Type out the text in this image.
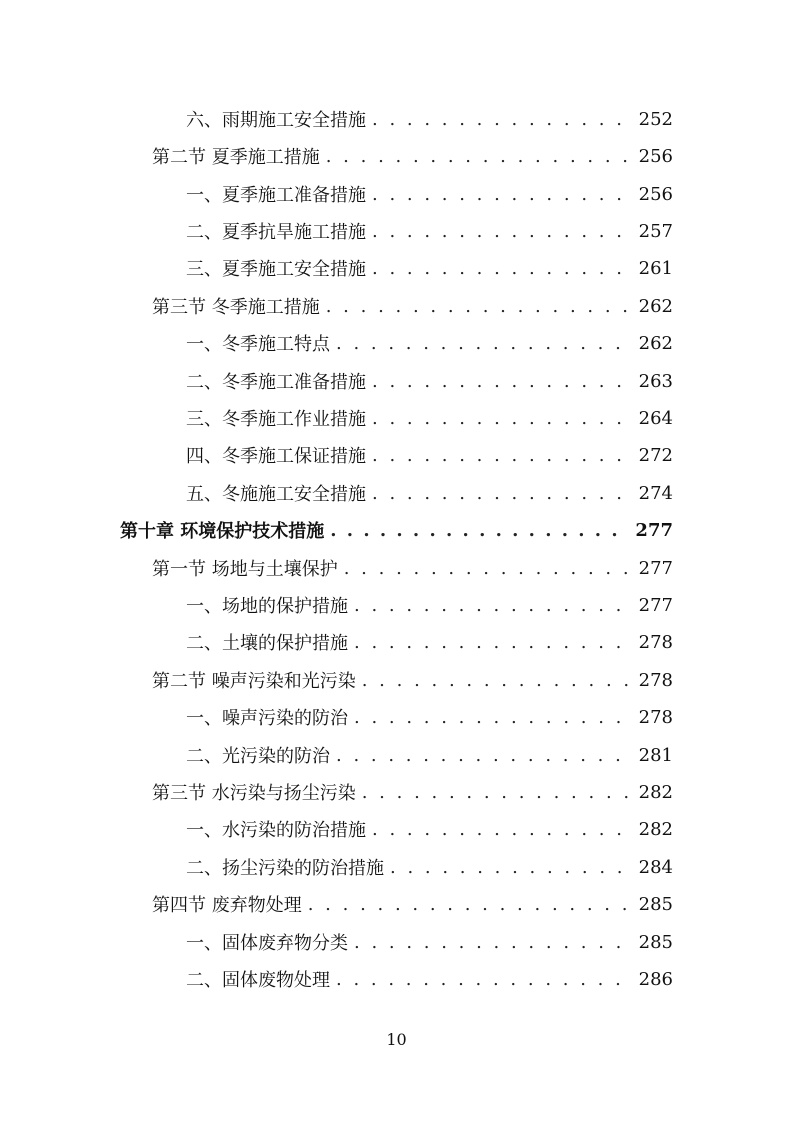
六、雨期施工安全措施 . . .	252
第二节 夏季施工措施 . . .	256
一、夏季施工准备措施 . . .	256
二、夏季抗旱施工措施 . . .	257
三、夏季施工安全措施 . . .	261
第三节 冬季施工措施 . . .	262
一、冬季施工特点 . . .	262
二、冬季施工准备措施 . . .	263
三、冬季施工作业措施 . . .	264
四、冬季施工保证措施 . . .	272
五、冬施施工安全措施 . . .	274
第十章 环境保护技术措施 . . .	277
第一节 场地与土壤保护 . . .	277
一、场地的保护措施 . . .	277
二、土壤的保护措施 . . .	278
第二节 噪声污染和光污染 . . .	278
一、噪声污染的防治 . . .	278
二、光污染的防治 . . .	281
第三节 水污染与扬尘污染 . . .	282
一、水污染的防治措施 . . .	282
二、扬尘污染的防治措施 . . .	284
第四节 废弃物处理 . . .	285
一、固体废弃物分类 . . .	285
二、固体废物处理 . . .	286
10
